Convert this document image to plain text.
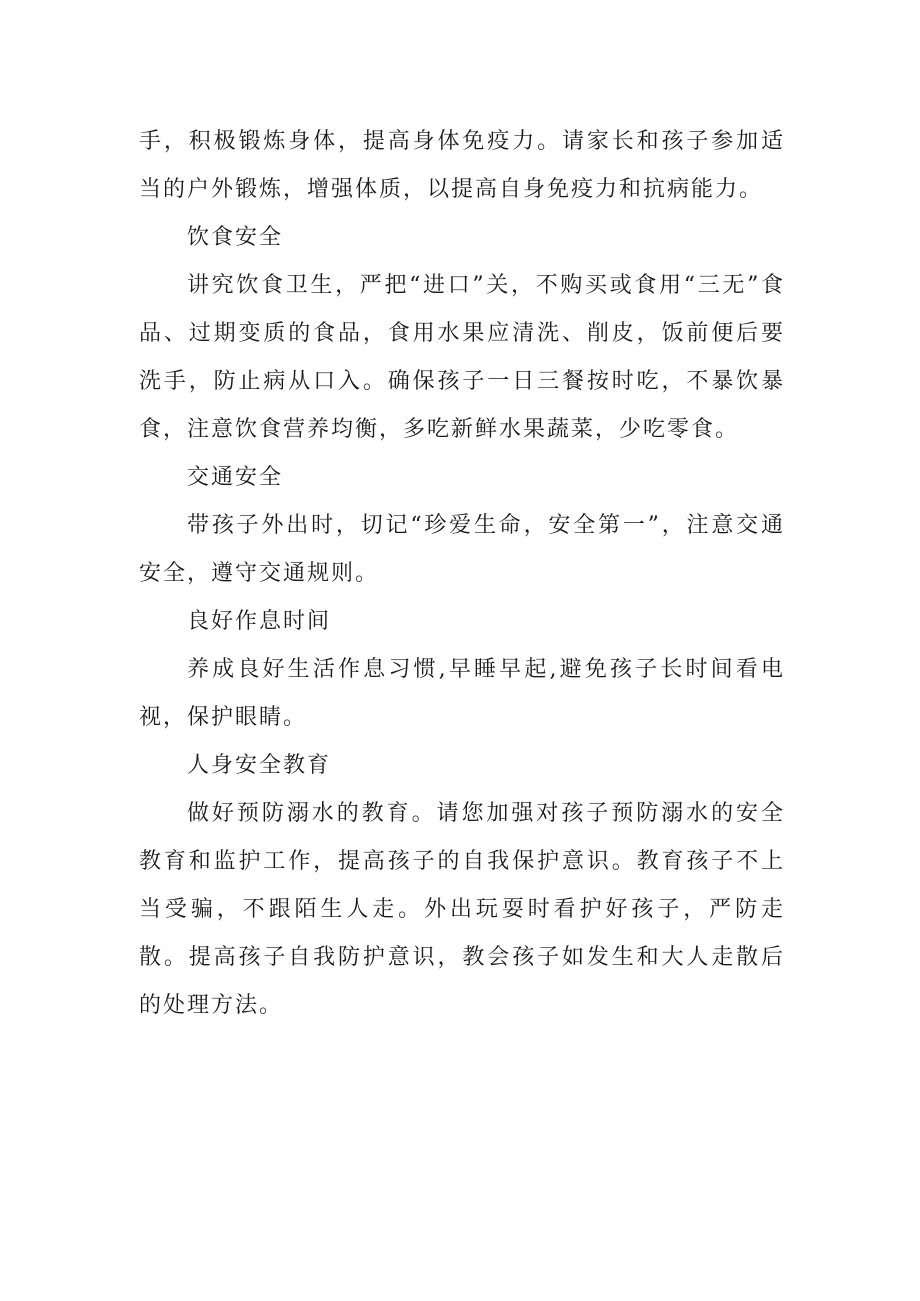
手，积极锻炼身体，提高身体免疫力。请家长和孩子参加适当的户外锻炼，增强体质，以提高自身免疫力和抗病能力。

饮食安全

讲究饮食卫生，严把“进口”关，不购买或食用“三无”食品、过期变质的食品，食用水果应清洗、削皮，饭前便后要洗手，防止病从口入。确保孩子一日三餐按时吃，不暴饮暴食，注意饮食营养均衡，多吃新鲜水果蔬菜，少吃零食。

交通安全

带孩子外出时，切记“珍爱生命，安全第一”，注意交通安全，遵守交通规则。

良好作息时间

养成良好生活作息习惯,早睡早起,避免孩子长时间看电视，保护眼睛。

人身安全教育

做好预防溺水的教育。请您加强对孩子预防溺水的安全教育和监护工作，提高孩子的自我保护意识。教育孩子不上当受骗，不跟陌生人走。外出玩耍时看护好孩子，严防走散。提高孩子自我防护意识，教会孩子如发生和大人走散后的处理方法。
